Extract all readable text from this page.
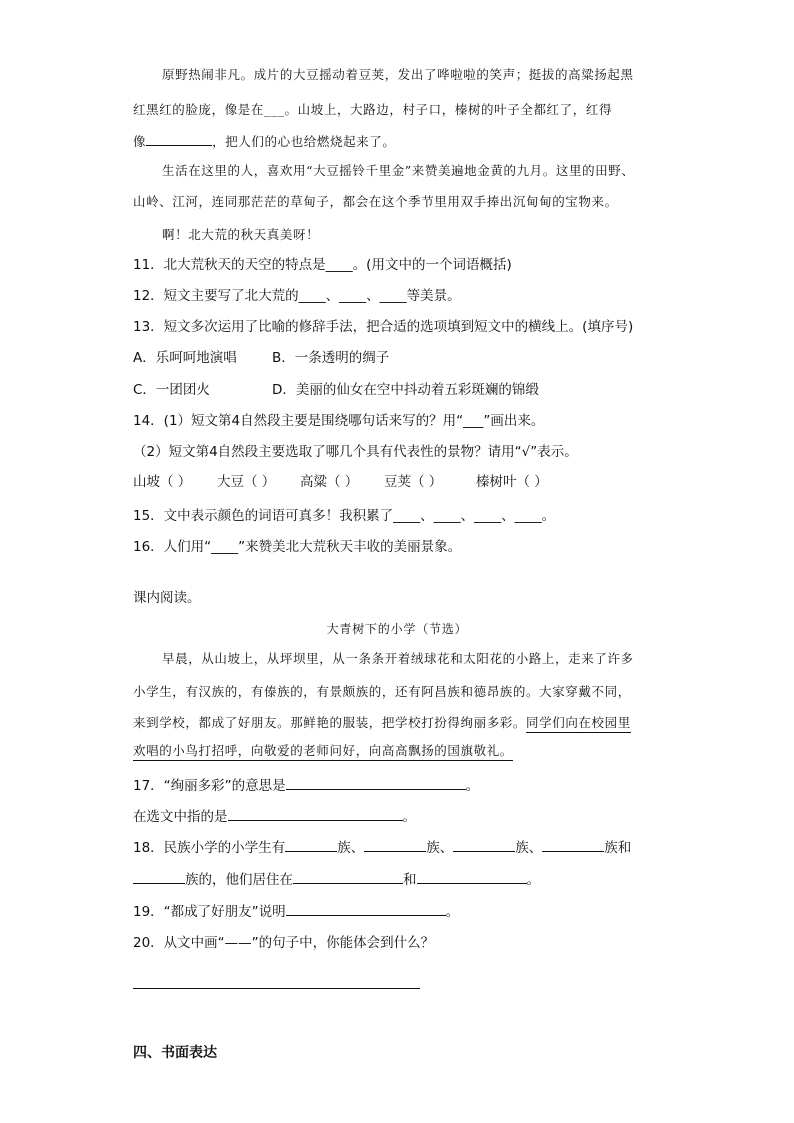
原野热闹非凡。成片的大豆摇动着豆荚，发出了哗啦啦的笑声；挺拔的高粱扬起黑
红黑红的脸庞，像是在___。山坡上，大路边，村子口，榛树的叶子全都红了，红得
像	，把人们的心也给燃烧起来了。
生活在这里的人，喜欢用“大豆摇铃千里金”来赞美遍地金黄的九月。这里的田野、
山岭、江河，连同那茫茫的草甸子，都会在这个季节里用双手捧出沉甸甸的宝物来。
啊！北大荒的秋天真美呀！
11．北大荒秋天的天空的特点是____。(用文中的一个词语概括)
12．短文主要写了北大荒的____、____、____等美景。
13．短文多次运用了比喻的修辞手法，把合适的选项填到短文中的横线上。(填序号)
A．乐呵呵地演唱	B．一条透明的绸子
C．一团团火	D．美丽的仙女在空中抖动着五彩斑斓的锦缎
14．(1）短文第4自然段主要是围绕哪句话来写的？用“___”画出来。
（2）短文第4自然段主要选取了哪几个具有代表性的景物？请用“√”表示。
山坡（ ） 大豆（ ） 高粱（ ） 豆荚（ ） 榛树叶（ ）
15．文中表示颜色的词语可真多！我积累了____、____、____、____。
16．人们用“____”来赞美北大荒秋天丰收的美丽景象。
课内阅读。
大青树下的小学（节选）
早晨，从山坡上，从坪坝里，从一条条开着绒球花和太阳花的小路上，走来了许多
小学生，有汉族的，有傣族的，有景颇族的，还有阿昌族和德昂族的。大家穿戴不同，
来到学校，都成了好朋友。那鲜艳的服装，把学校打扮得绚丽多彩。同学们向在校园里
欢唱的小鸟打招呼，向敬爱的老师问好，向高高飘扬的国旗敬礼。
17．“绚丽多彩”的意思是	。
在选文中指的是	。
18．民族小学的小学生有	族、	族、	族、	族和
族的，他们居住在	和	。
19．“都成了好朋友”说明	。
20．从文中画“——”的句子中，你能体会到什么？
四、书面表达
